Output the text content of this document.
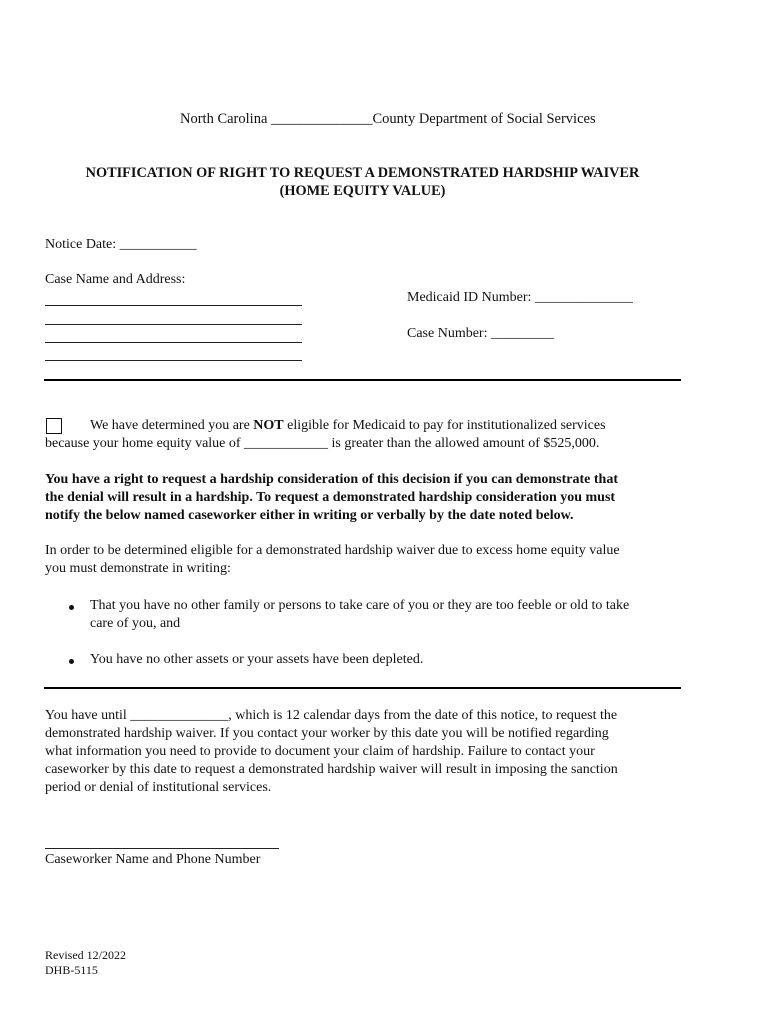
North Carolina ______________County Department of Social Services
NOTIFICATION OF RIGHT TO REQUEST A DEMONSTRATED HARDSHIP WAIVER
(HOME EQUITY VALUE)
Notice Date: ___________
Case Name and Address:
Medicaid ID Number: ______________
Case Number: _________
We have determined you are NOT eligible for Medicaid to pay for institutionalized services
because your home equity value of ____________ is greater than the allowed amount of $525,000.
You have a right to request a hardship consideration of this decision if you can demonstrate that
the denial will result in a hardship. To request a demonstrated hardship consideration you must
notify the below named caseworker either in writing or verbally by the date noted below.
In order to be determined eligible for a demonstrated hardship waiver due to excess home equity value
you must demonstrate in writing:
That you have no other family or persons to take care of you or they are too feeble or old to take
care of you, and
You have no other assets or your assets have been depleted.
You have until ______________, which is 12 calendar days from the date of this notice, to request the
demonstrated hardship waiver. If you contact your worker by this date you will be notified regarding
what information you need to provide to document your claim of hardship. Failure to contact your
caseworker by this date to request a demonstrated hardship waiver will result in imposing the sanction
period or denial of institutional services.
Caseworker Name and Phone Number
Revised 12/2022
DHB-5115
